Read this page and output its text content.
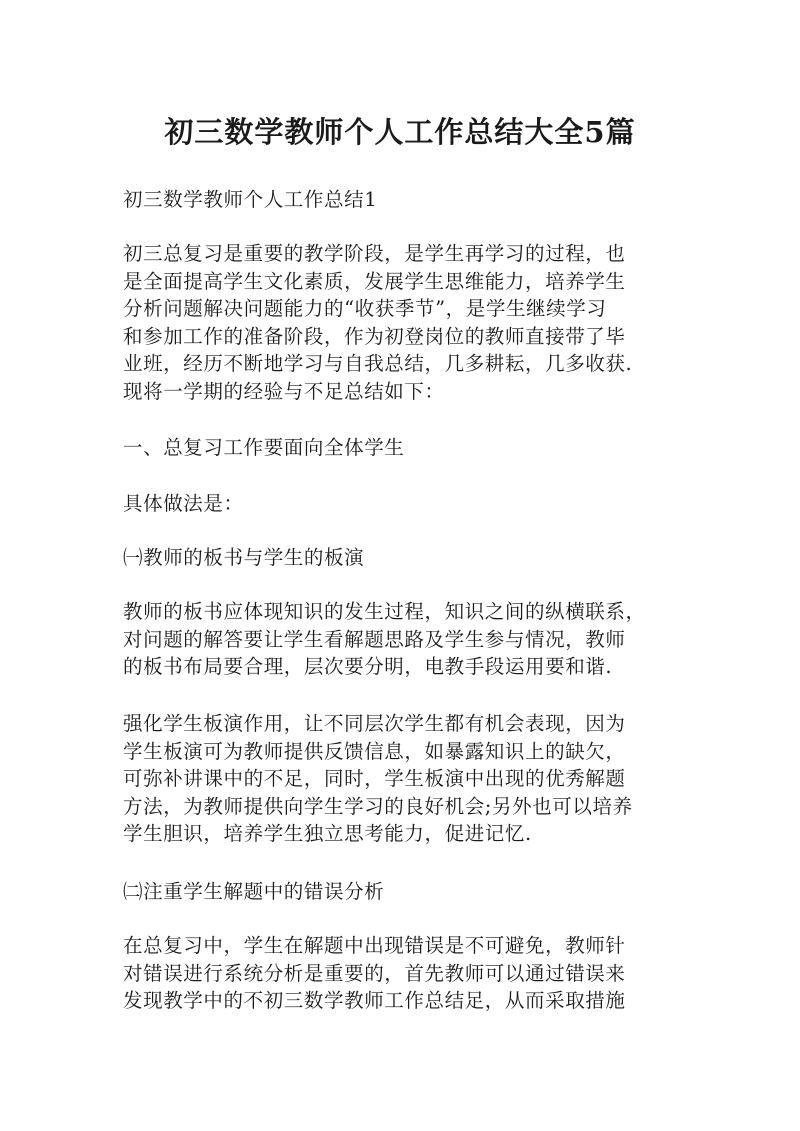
初三数学教师个人工作总结大全5篇
初三数学教师个人工作总结1
初三总复习是重要的教学阶段，是学生再学习的过程，也
是全面提高学生文化素质，发展学生思维能力，培养学生
分析问题解决问题能力的“收获季节”，是学生继续学习
和参加工作的准备阶段，作为初登岗位的教师直接带了毕
业班，经历不断地学习与自我总结，几多耕耘，几多收获.
现将一学期的经验与不足总结如下：
一、总复习工作要面向全体学生
具体做法是：
㈠教师的板书与学生的板演
教师的板书应体现知识的发生过程，知识之间的纵横联系，
对问题的解答要让学生看解题思路及学生参与情况，教师
的板书布局要合理，层次要分明，电教手段运用要和谐.
强化学生板演作用，让不同层次学生都有机会表现，因为
学生板演可为教师提供反馈信息，如暴露知识上的缺欠，
可弥补讲课中的不足，同时，学生板演中出现的优秀解题
方法，为教师提供向学生学习的良好机会;另外也可以培养
学生胆识，培养学生独立思考能力，促进记忆.
㈡注重学生解题中的错误分析
在总复习中，学生在解题中出现错误是不可避免，教师针
对错误进行系统分析是重要的，首先教师可以通过错误来
发现教学中的不初三数学教师工作总结足，从而采取措施
